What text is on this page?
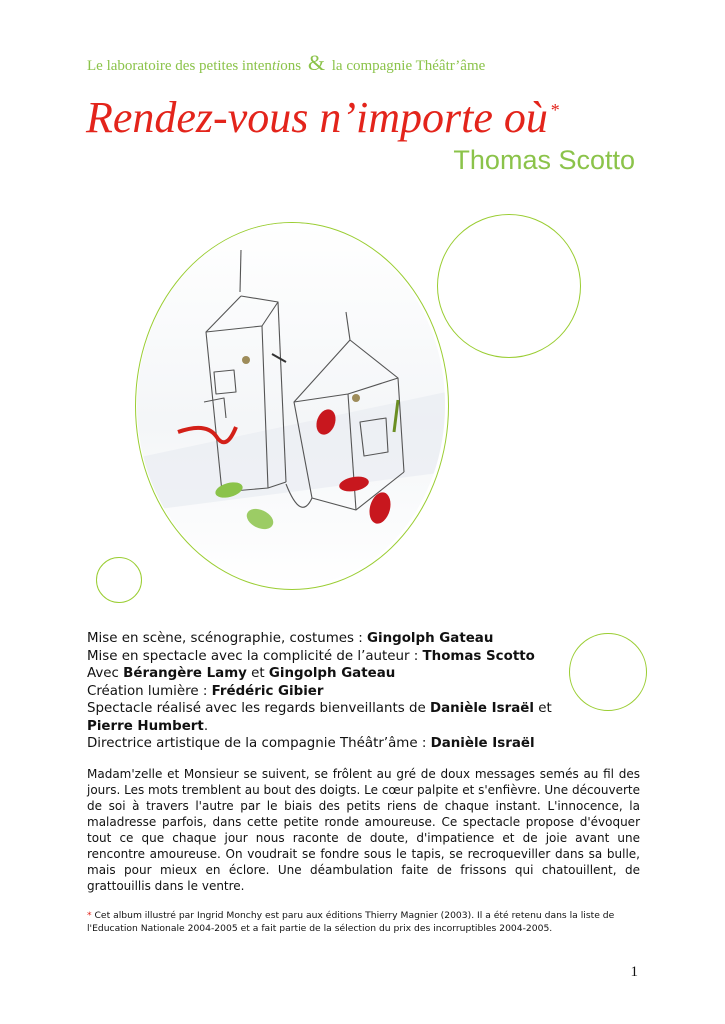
Le laboratoire des petites intentions & la compagnie Théâtr’âme
Rendez-vous n’importe où *
Thomas Scotto
Mise en scène, scénographie, costumes : Gingolph Gateau
Mise en spectacle avec la complicité de l’auteur : Thomas Scotto
Avec Bérangère Lamy et Gingolph Gateau
Création lumière : Frédéric Gibier
Spectacle réalisé avec les regards bienveillants de Danièle Israël et Pierre Humbert.
Directrice artistique de la compagnie Théâtr’âme : Danièle Israël
Madam'zelle et Monsieur se suivent, se frôlent au gré de doux messages semés au fil des jours. Les mots tremblent au bout des doigts. Le cœur palpite et s'enfièvre. Une découverte de soi à travers l'autre par le biais des petits riens de chaque instant. L'innocence, la maladresse parfois, dans cette petite ronde amoureuse. Ce spectacle propose d'évoquer tout ce que chaque jour nous raconte de doute, d'impatience et de joie avant une rencontre amoureuse. On voudrait se fondre sous le tapis, se recroqueviller dans sa bulle, mais pour mieux en éclore. Une déambulation faite de frissons qui chatouillent, de grattouillis dans le ventre.
* Cet album illustré par Ingrid Monchy est paru aux éditions Thierry Magnier (2003). Il a été retenu dans la liste de l'Education Nationale 2004-2005 et a fait partie de la sélection du prix des incorruptibles 2004-2005.
1
